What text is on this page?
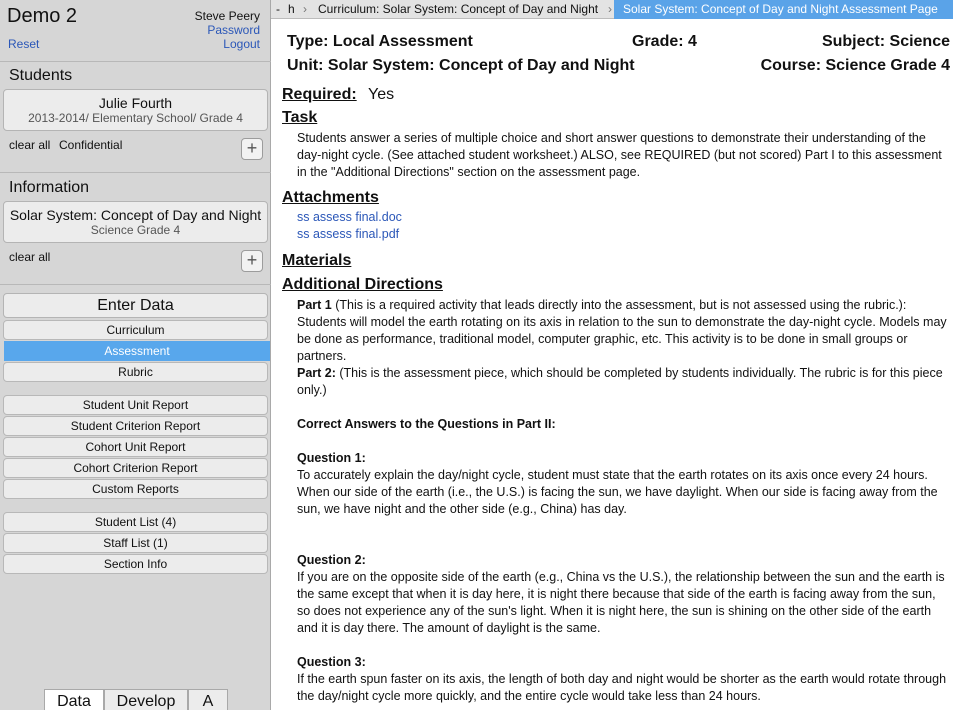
Demo 2	Steve Peery
Password
Logout
Reset
Students
Julie Fourth
2013-2014/ Elementary School/ Grade 4
clear all Confidential	+
Information
Solar System: Concept of Day and Night
Science Grade 4
clear all	+
Enter Data
Curriculum
Assessment
Rubric
Student Unit Report
Student Criterion Report
Cohort Unit Report
Cohort Criterion Report
Custom Reports
Student List (4)
Staff List (1)
Section Info
Data	Develop	A
- h › Curriculum: Solar System: Concept of Day and Night › Solar System: Concept of Day and Night Assessment Page
Type: Local Assessment	Grade: 4	Subject: Science
Unit: Solar System: Concept of Day and Night	Course: Science Grade 4
Required: Yes
Task
Students answer a series of multiple choice and short answer questions to demonstrate their understanding of the day-night cycle. (See attached student worksheet.) ALSO, see REQUIRED (but not scored) Part I to this assessment in the "Additional Directions" section on the assessment page.
Attachments
ss assess final.doc
ss assess final.pdf
Materials
Additional Directions
Part 1 (This is a required activity that leads directly into the assessment, but is not assessed using the rubric.): Students will model the earth rotating on its axis in relation to the sun to demonstrate the day-night cycle. Models may be done as performance, traditional model, computer graphic, etc. This activity is to be done in small groups or partners.
Part 2: (This is the assessment piece, which should be completed by students individually. The rubric is for this piece only.)
Correct Answers to the Questions in Part II:
Question 1:
To accurately explain the day/night cycle, student must state that the earth rotates on its axis once every 24 hours. When our side of the earth (i.e., the U.S.) is facing the sun, we have daylight. When our side is facing away from the sun, we have night and the other side (e.g., China) has day.
Question 2:
If you are on the opposite side of the earth (e.g., China vs the U.S.), the relationship between the sun and the earth is the same except that when it is day here, it is night there because that side of the earth is facing away from the sun, so does not experience any of the sun's light. When it is night here, the sun is shining on the other side of the earth and it is day there. The amount of daylight is the same.
Question 3:
If the earth spun faster on its axis, the length of both day and night would be shorter as the earth would rotate through the day/night cycle more quickly, and the entire cycle would take less than 24 hours.
